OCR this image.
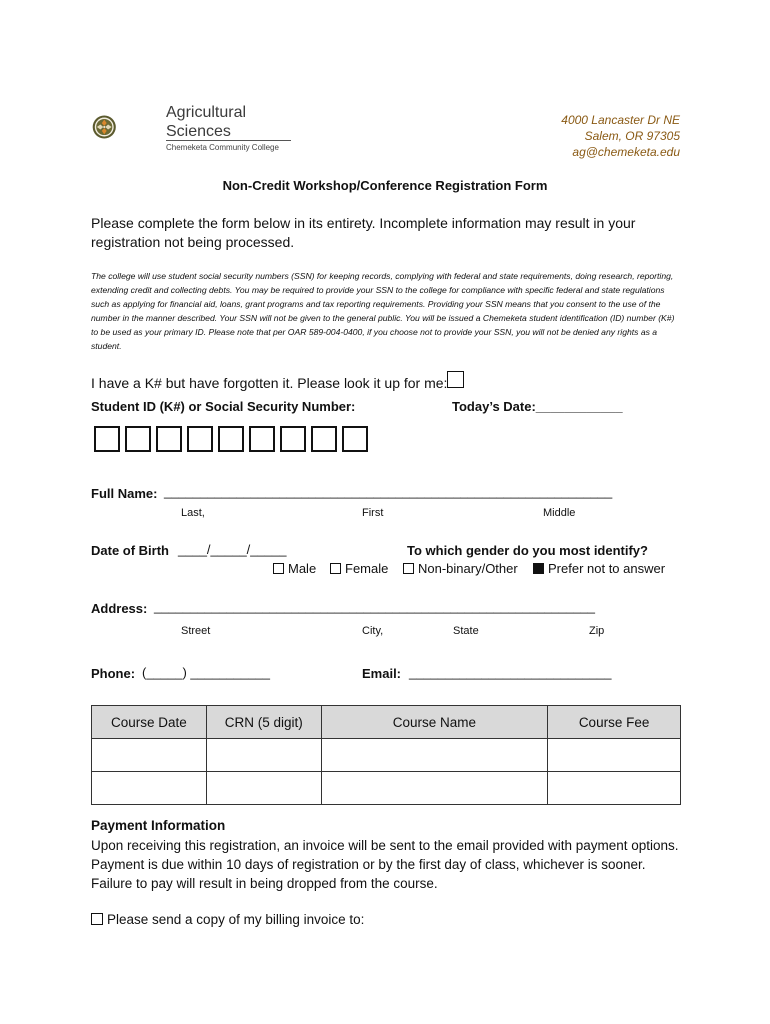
Agricultural
Sciences
Chemeketa Community College
4000 Lancaster Dr NE
Salem, OR 97305
ag@chemeketa.edu
Non-Credit Workshop/Conference Registration Form
Please complete the form below in its entirety. Incomplete information may result in your registration not being processed.
The college will use student social security numbers (SSN) for keeping records, complying with federal and state requirements, doing research, reporting, extending credit and collecting debts. You may be required to provide your SSN to the college for compliance with specific federal and state regulations such as applying for financial aid, loans, grant programs and tax reporting requirements. Providing your SSN means that you consent to the use of the number in the manner described. Your SSN will not be given to the general public. You will be issued a Chemeketa student identification (ID) number (K#) to be used as your primary ID. Please note that per OAR 589-004-0400, if you choose not to provide your SSN, you will not be denied any rights as a student.
I have a K# but have forgotten it. Please look it up for me:
Student ID (K#) or Social Security Number:	Today’s Date:____________
Full Name: ______________________________________________________________
Last,	First	Middle
Date of Birth ____/_____/_____	To which gender do you most identify?
Male	Female	Non-binary/Other	Prefer not to answer
Address: _____________________________________________________________
Street	City,	State	Zip
Phone: (_____) ___________	Email: ____________________________
Course Date	CRN (5 digit)	Course Name	Course Fee

Payment Information
Upon receiving this registration, an invoice will be sent to the email provided with payment options. Payment is due within 10 days of registration or by the first day of class, whichever is sooner. Failure to pay will result in being dropped from the course.
Please send a copy of my billing invoice to:
